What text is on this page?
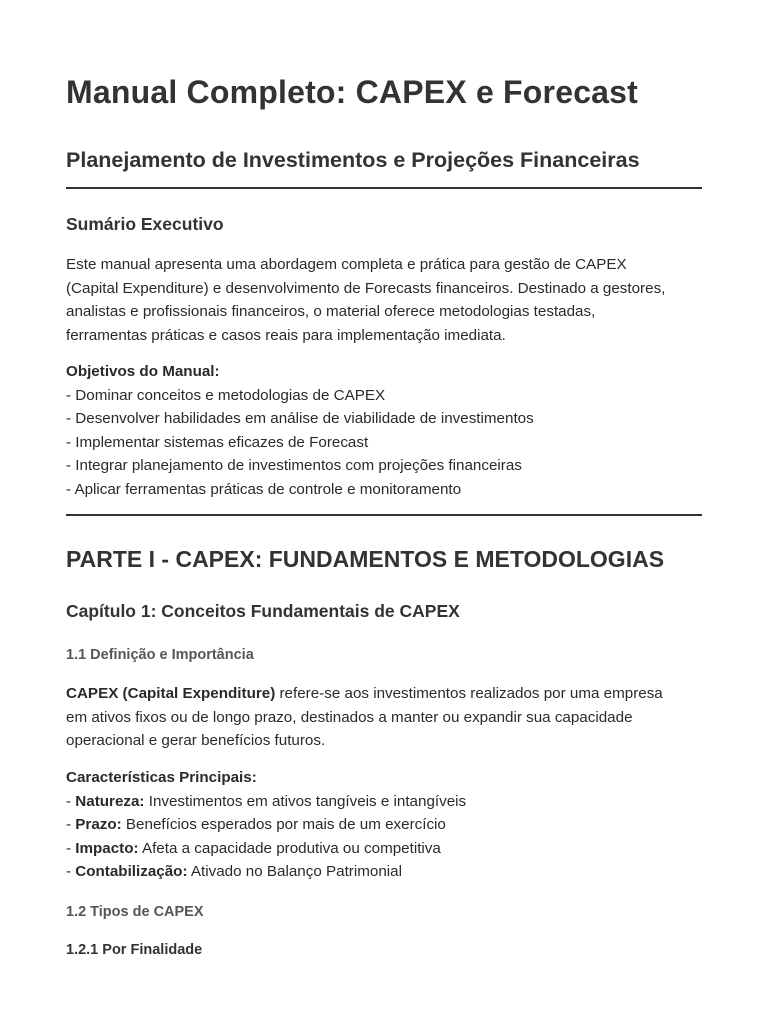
Manual Completo: CAPEX e Forecast
Planejamento de Investimentos e Projeções Financeiras
Sumário Executivo
Este manual apresenta uma abordagem completa e prática para gestão de CAPEX
(Capital Expenditure) e desenvolvimento de Forecasts financeiros. Destinado a gestores,
analistas e profissionais financeiros, o material oferece metodologias testadas,
ferramentas práticas e casos reais para implementação imediata.
Objetivos do Manual:
- Dominar conceitos e metodologias de CAPEX
- Desenvolver habilidades em análise de viabilidade de investimentos
- Implementar sistemas eficazes de Forecast
- Integrar planejamento de investimentos com projeções financeiras
- Aplicar ferramentas práticas de controle e monitoramento
PARTE I - CAPEX: FUNDAMENTOS E METODOLOGIAS
Capítulo 1: Conceitos Fundamentais de CAPEX
1.1 Definição e Importância
CAPEX (Capital Expenditure) refere-se aos investimentos realizados por uma empresa
em ativos fixos ou de longo prazo, destinados a manter ou expandir sua capacidade
operacional e gerar benefícios futuros.
Características Principais:
- Natureza: Investimentos em ativos tangíveis e intangíveis
- Prazo: Benefícios esperados por mais de um exercício
- Impacto: Afeta a capacidade produtiva ou competitiva
- Contabilização: Ativado no Balanço Patrimonial
1.2 Tipos de CAPEX
1.2.1 Por Finalidade
